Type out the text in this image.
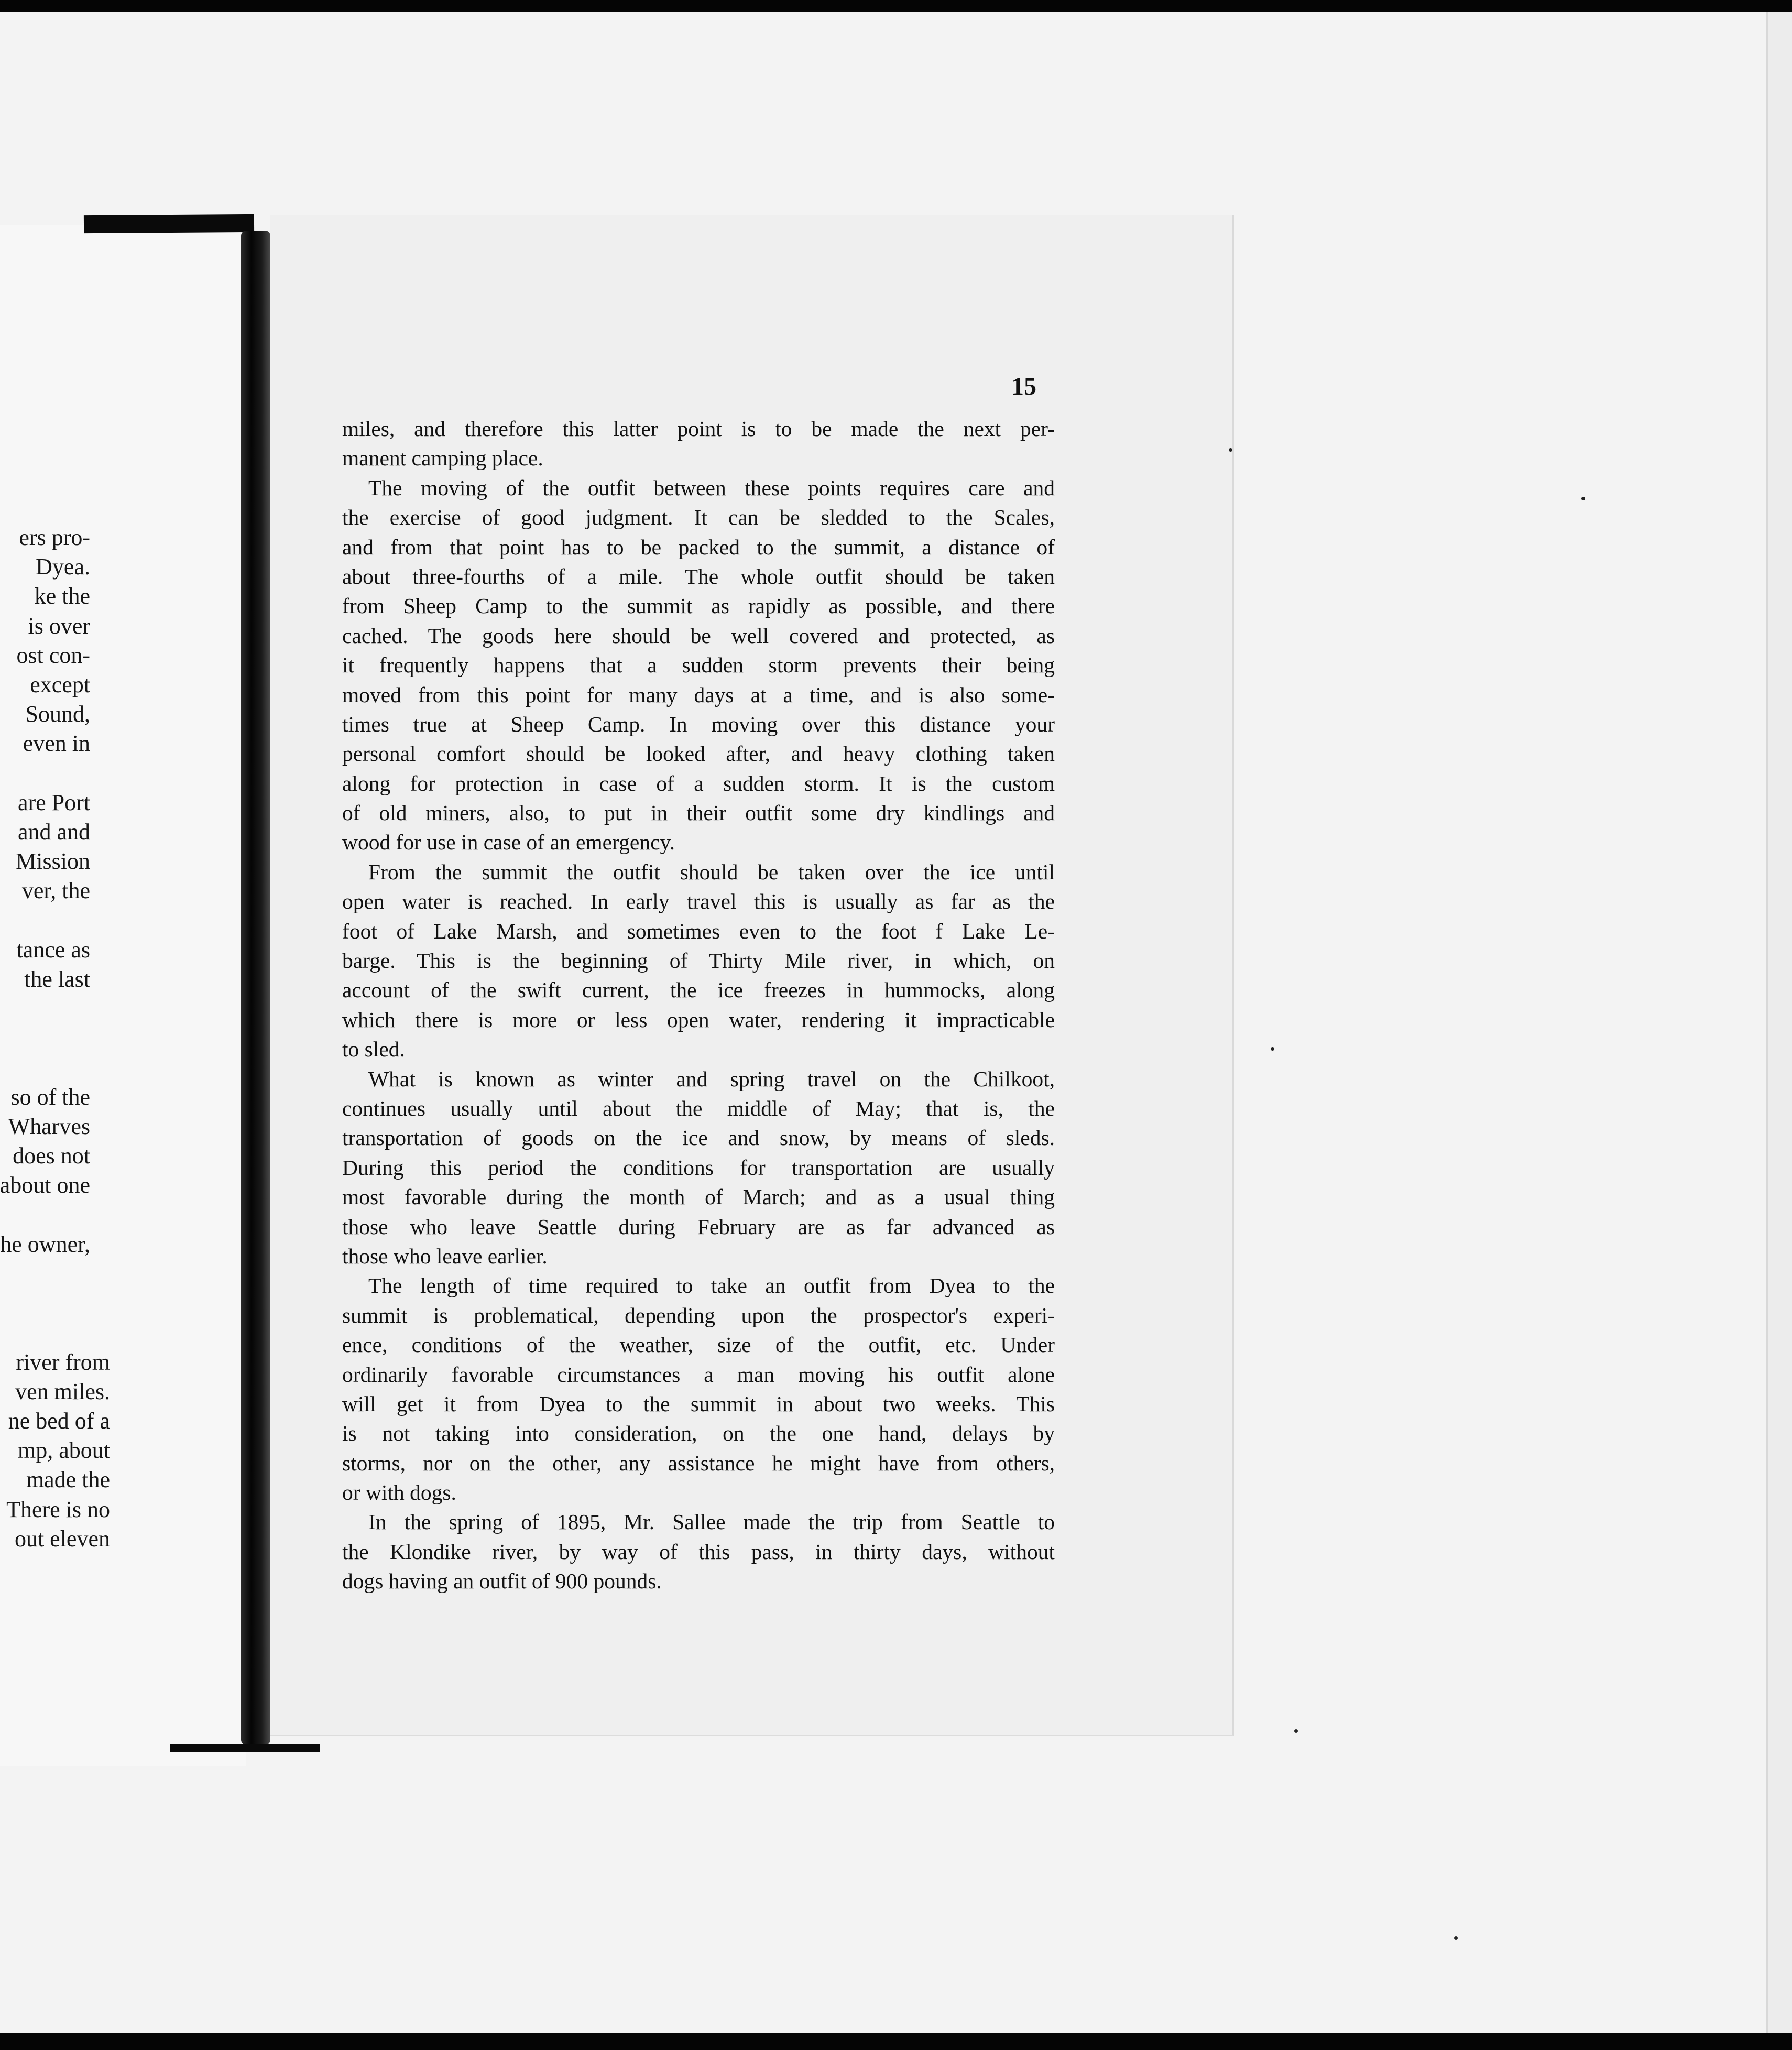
ers pro-
Dyea.
ke the
is over
ost con-
except
Sound,
even in
are Port
and and
Mission
ver, the
tance as
the last
so of the
Wharves
does not
about one
he owner,
river from
ven miles.
ne bed of a
mp, about
made the
There is no
out eleven
15
miles, and therefore this latter point is to be made the next per-
manent camping place.
The moving of the outfit between these points requires care and
the exercise of good judgment. It can be sledded to the Scales,
and from that point has to be packed to the summit, a distance of
about three-fourths of a mile. The whole outfit should be taken
from Sheep Camp to the summit as rapidly as possible, and there
cached. The goods here should be well covered and protected, as
it frequently happens that a sudden storm prevents their being
moved from this point for many days at a time, and is also some-
times true at Sheep Camp. In moving over this distance your
personal comfort should be looked after, and heavy clothing taken
along for protection in case of a sudden storm. It is the custom
of old miners, also, to put in their outfit some dry kindlings and
wood for use in case of an emergency.
From the summit the outfit should be taken over the ice until
open water is reached. In early travel this is usually as far as the
foot of Lake Marsh, and sometimes even to the foot f Lake Le-
barge. This is the beginning of Thirty Mile river, in which, on
account of the swift current, the ice freezes in hummocks, along
which there is more or less open water, rendering it impracticable
to sled.
What is known as winter and spring travel on the Chilkoot,
continues usually until about the middle of May; that is, the
transportation of goods on the ice and snow, by means of sleds.
During this period the conditions for transportation are usually
most favorable during the month of March; and as a usual thing
those who leave Seattle during February are as far advanced as
those who leave earlier.
The length of time required to take an outfit from Dyea to the
summit is problematical, depending upon the prospector's experi-
ence, conditions of the weather, size of the outfit, etc. Under
ordinarily favorable circumstances a man moving his outfit alone
will get it from Dyea to the summit in about two weeks. This
is not taking into consideration, on the one hand, delays by
storms, nor on the other, any assistance he might have from others,
or with dogs.
In the spring of 1895, Mr. Sallee made the trip from Seattle to
the Klondike river, by way of this pass, in thirty days, without
dogs having an outfit of 900 pounds.
